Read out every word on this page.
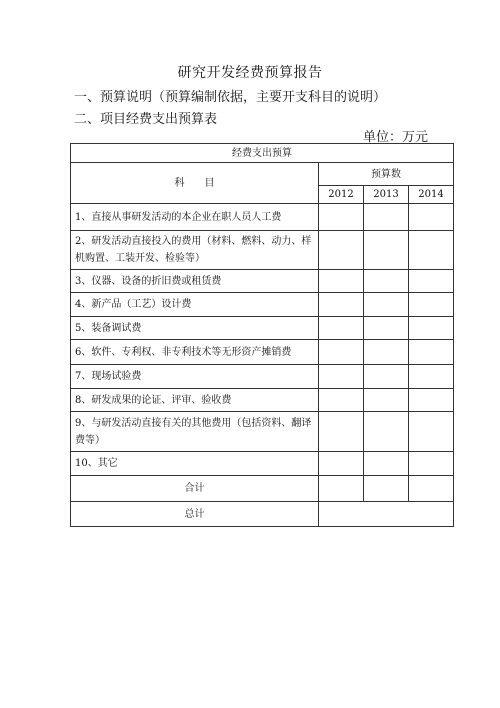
研究开发经费预算报告
一、预算说明（预算编制依据，主要开支科目的说明）
二、项目经费支出预算表
单位：万元
经费支出预算			
科　　目	预算数		
	2012	2013	2014
1、直接从事研发活动的本企业在职人员人工费			
2、研发活动直接投入的费用（材料、燃料、动力、样机购置、工装开发、检验等）			
3、仪器、设备的折旧费或租赁费			
4、新产品（工艺）设计费			
5、装备调试费			
6、软件、专利权、非专利技术等无形资产摊销费			
7、现场试验费			
8、研发成果的论证、评审、验收费			
9、与研发活动直接有关的其他费用（包括资料、翻译费等）			
10、其它			
合计			
总计			
